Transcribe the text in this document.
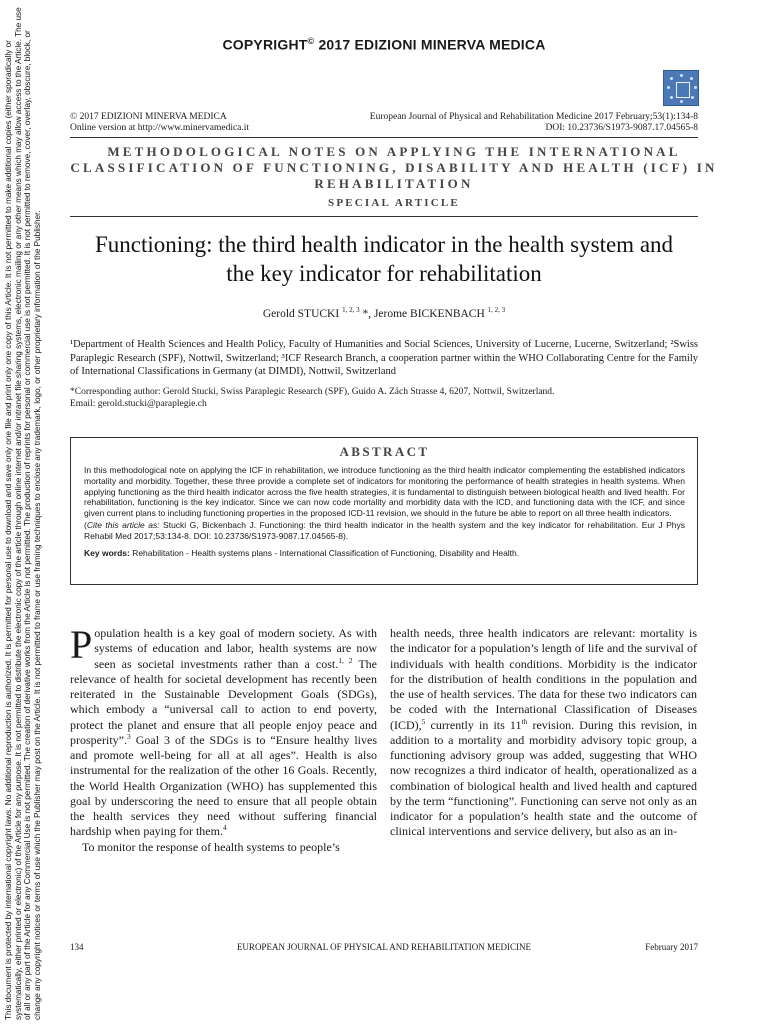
This document is protected by international copyright laws. No additional reproduction is authorized. It is permitted for personal use to download and save only one file and print only one copy of this Article. It is not permitted to make additional copies (either sporadically or systematically, either printed or electronic) of the Article for any purpose. It is not permitted to distribute the electronic copy of the article through online internet and/or intranet file sharing systems, electronic mailing or any other means which may allow access to the Article. The use of all or any part of the Article for any Commercial Use is not permitted. The creation of derivative works from the Article is not permitted. The production of reprints for personal or commercial use is not permitted. It is not permitted to remove, cover, overlay, obscure, block, or change any copyright notices or terms of use which the Publisher may post on the Article. It is not permitted to frame or use framing techniques to enclose any trademark, logo, or other proprietary information of the Publisher.
COPYRIGHT© 2017 EDIZIONI MINERVA MEDICA
© 2017 EDIZIONI MINERVA MEDICA
Online version at http://www.minervamedica.it
European Journal of Physical and Rehabilitation Medicine 2017 February;53(1):134-8
DOI: 10.23736/S1973-9087.17.04565-8
METHODOLOGICAL NOTES ON APPLYING THE INTERNATIONAL CLASSIFICATION OF FUNCTIONING, DISABILITY AND HEALTH (ICF) IN REHABILITATION
SPECIAL ARTICLE
Functioning: the third health indicator in the health system and the key indicator for rehabilitation
Gerold STUCKI $^{1, 2, 3}$ *, Jerome BICKENBACH $^{1, 2, 3}$
¹Department of Health Sciences and Health Policy, Faculty of Humanities and Social Sciences, University of Lucerne, Lucerne, Switzerland; ²Swiss Paraplegic Research (SPF), Nottwil, Switzerland; ³ICF Research Branch, a cooperation partner within the WHO Collaborating Centre for the Family of International Classifications in Germany (at DIMDI), Nottwil, Switzerland
*Corresponding author: Gerold Stucki, Swiss Paraplegic Research (SPF), Guido A. Zäch Strasse 4, 6207, Nottwil, Switzerland.
Email: gerold.stucki@paraplegie.ch
ABSTRACT
In this methodological note on applying the ICF in rehabilitation, we introduce functioning as the third health indicator complementing the established indicators mortality and morbidity. Together, these three provide a complete set of indicators for monitoring the performance of health strategies in health systems. When applying functioning as the third health indicator across the five health strategies, it is fundamental to distinguish between biological health and lived health. For rehabilitation, functioning is the key indicator. Since we can now code mortality and morbidity data with the ICD, and functioning data with the ICF, and since given current plans to including functioning properties in the proposed ICD-11 revision, we should in the future be able to report on all three health indicators.
(Cite this article as: Stucki G, Bickenbach J. Functioning: the third health indicator in the health system and the key indicator for rehabilitation. Eur J Phys Rehabil Med 2017;53:134-8. DOI: 10.23736/S1973-9087.17.04565-8).
Key words: Rehabilitation - Health systems plans - International Classification of Functioning, Disability and Health.

Population health is a key goal of modern society. As with systems of education and labor, health systems are now seen as societal investments rather than a cost.$^{1, 2}$ The relevance of health for societal development has recently been reiterated in the Sustainable Development Goals (SDGs), which embody a “universal call to action to end poverty, protect the planet and ensure that all people enjoy peace and prosperity”.$^3$ Goal 3 of the SDGs is to “Ensure healthy lives and promote well-being for all at all ages”. Health is also instrumental for the realization of the other 16 Goals. Recently, the World Health Organization (WHO) has supplemented this goal by underscoring the need to ensure that all people obtain the health services they need without suffering financial hardship when paying for them.$^4$

To monitor the response of health systems to people’s

health needs, three health indicators are relevant: mortality is the indicator for a population’s length of life and the survival of individuals with health conditions. Morbidity is the indicator for the distribution of health conditions in the population and the use of health services. The data for these two indicators can be coded with the International Classification of Diseases (ICD),$^5$ currently in its 11th revision. During this revision, in addition to a mortality and morbidity advisory topic group, a functioning advisory group was added, suggesting that WHO now recognizes a third indicator of health, operationalized as a combination of biological health and lived health and captured by the term “functioning”. Functioning can serve not only as an indicator for a population’s health state and the outcome of clinical interventions and service delivery, but also as an in-

134	EUROPEAN JOURNAL OF PHYSICAL AND REHABILITATION MEDICINE	February 2017
